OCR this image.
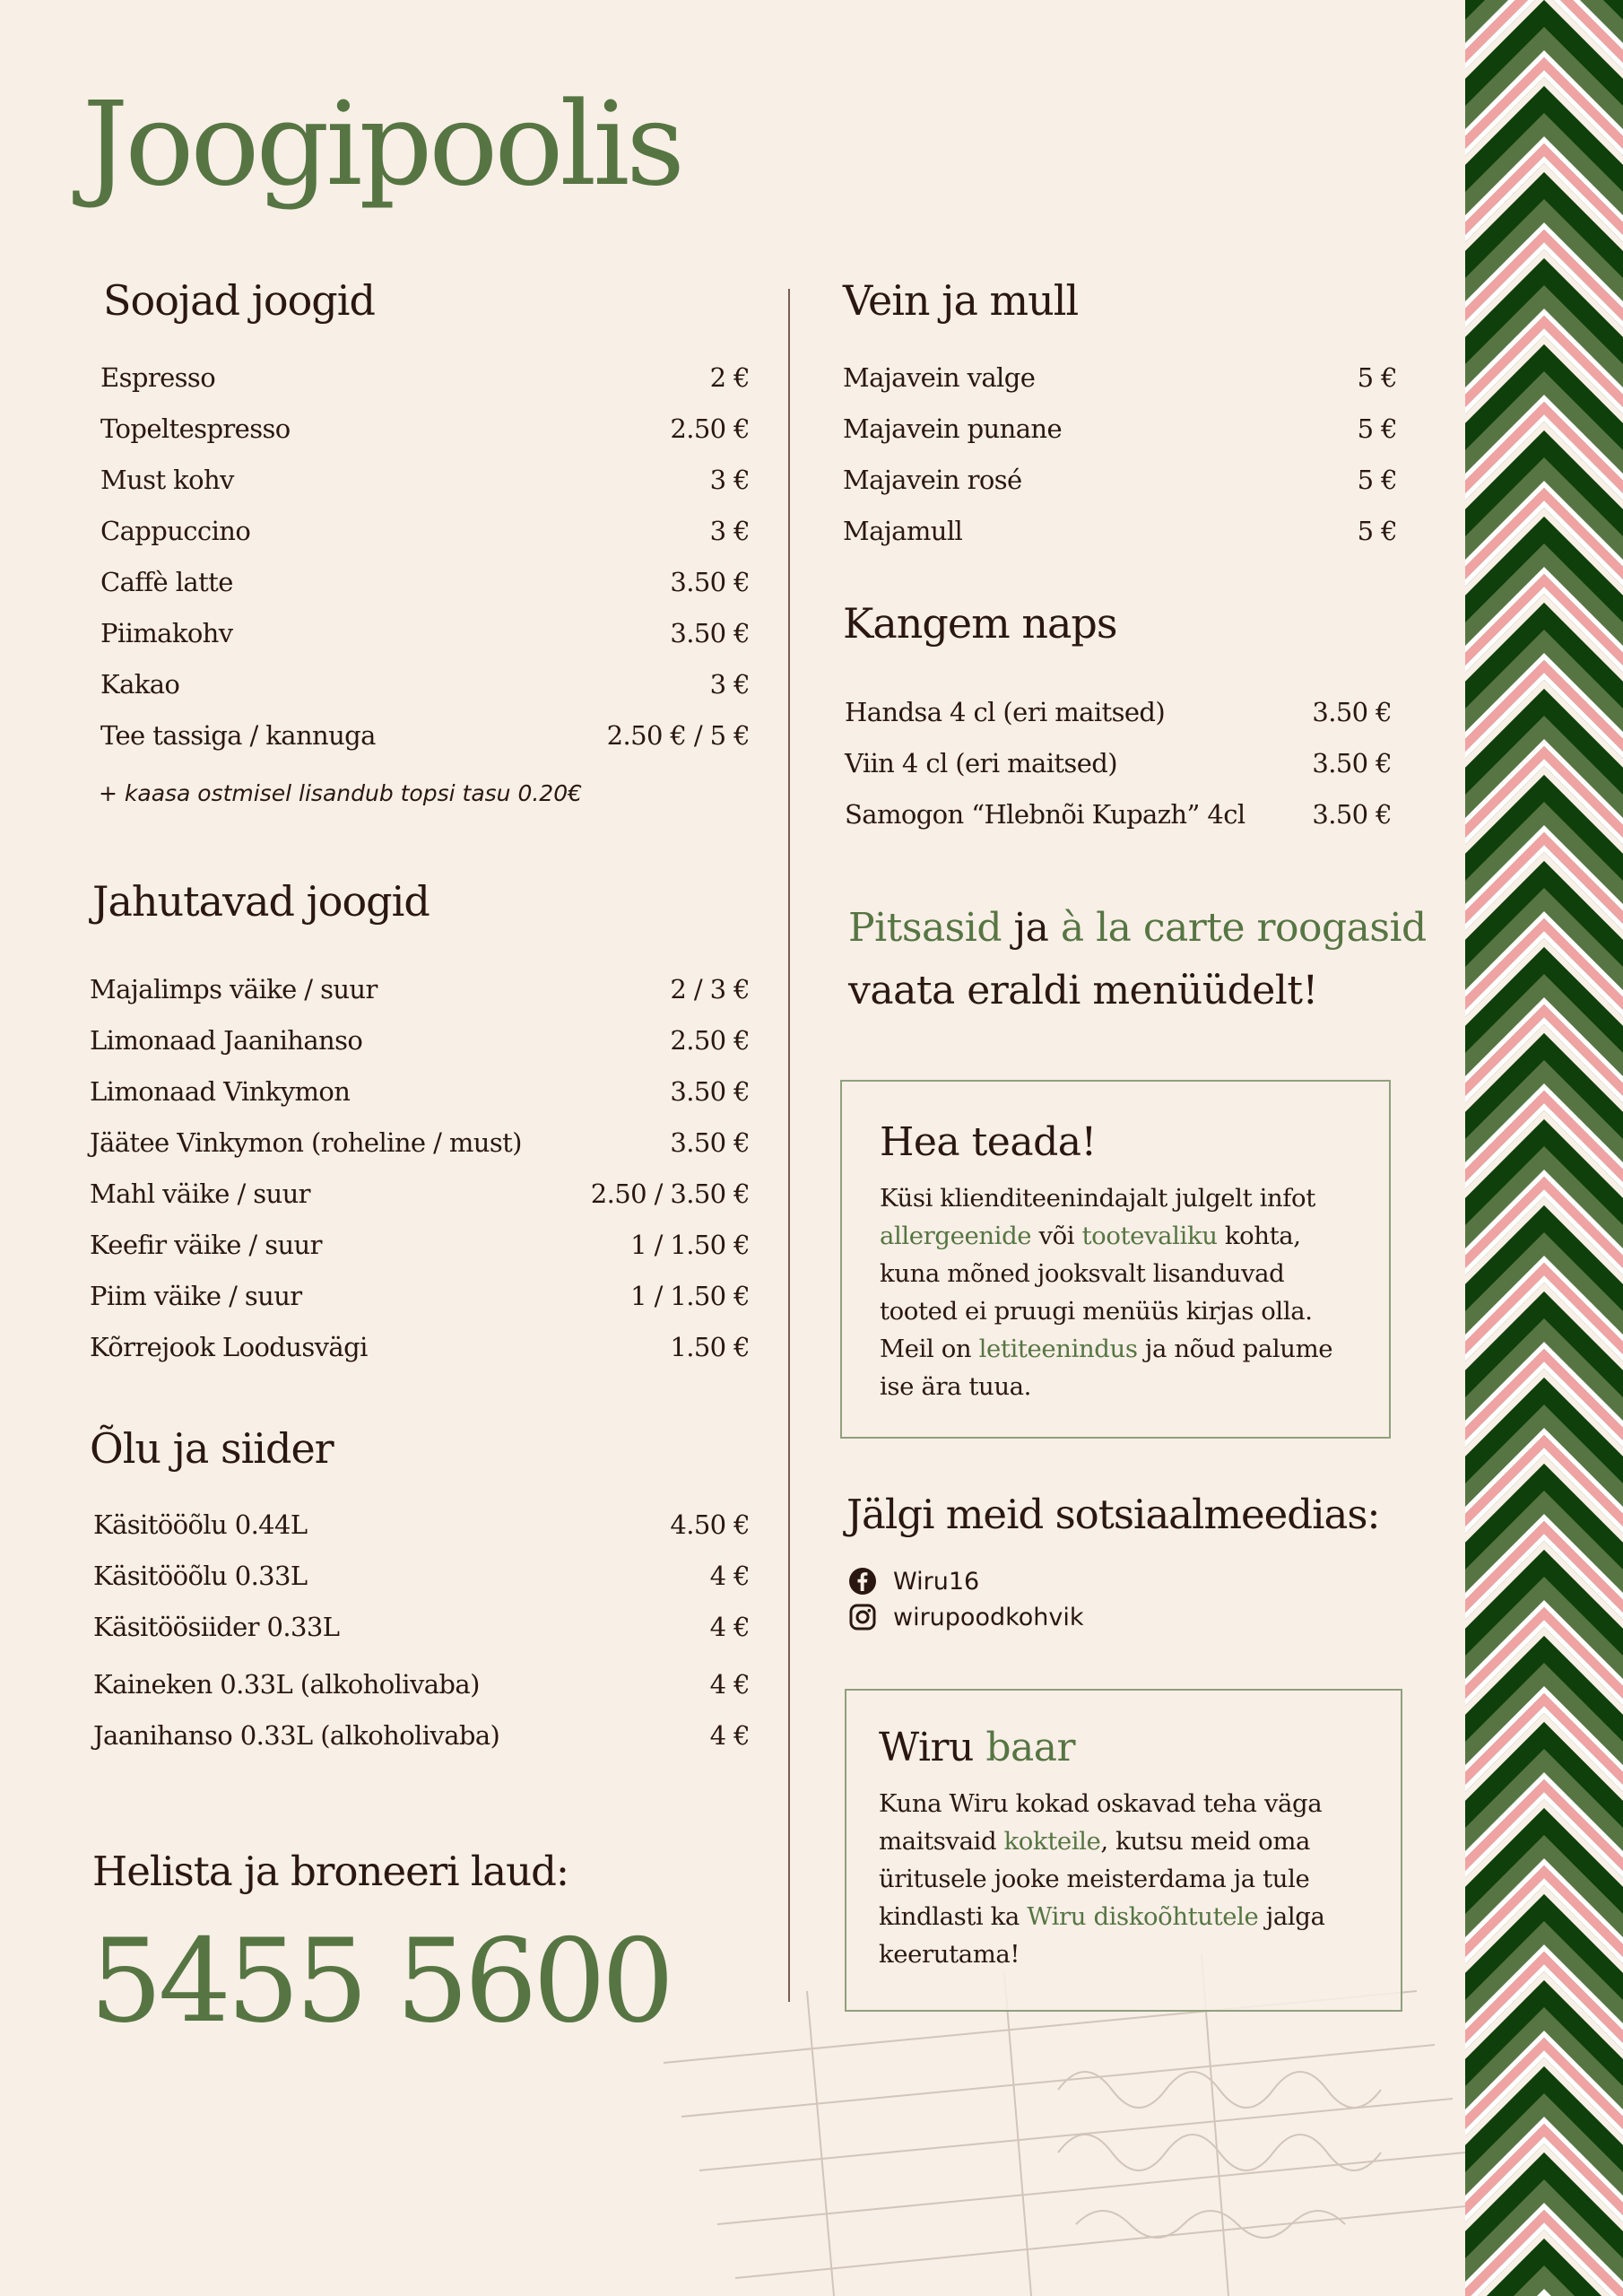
Joogipoolis
Soojad joogid
Espresso	2 €
Topeltespresso	2.50 €
Must kohv	3 €
Cappuccino	3 €
Caffè latte	3.50 €
Piimakohv	3.50 €
Kakao	3 €
Tee tassiga / kannuga	2.50 € / 5 €
+ kaasa ostmisel lisandub topsi tasu 0.20€
Jahutavad joogid
Majalimps väike / suur	2 / 3 €
Limonaad Jaanihanso	2.50 €
Limonaad Vinkymon	3.50 €
Jäätee Vinkymon (roheline / must)	3.50 €
Mahl väike / suur	2.50 / 3.50 €
Keefir väike / suur	1 / 1.50 €
Piim väike / suur	1 / 1.50 €
Kõrrejook Loodusvägi	1.50 €
Õlu ja siider
Käsitööõlu 0.44L	4.50 €
Käsitööõlu 0.33L	4 €
Käsitöösiider 0.33L	4 €
Kaineken 0.33L (alkoholivaba)	4 €
Jaanihanso 0.33L (alkoholivaba)	4 €
Helista ja broneeri laud:
5455 5600
Vein ja mull
Majavein valge	5 €
Majavein punane	5 €
Majavein rosé	5 €
Majamull	5 €
Kangem naps
Handsa 4 cl (eri maitsed)	3.50 €
Viin 4 cl (eri maitsed)	3.50 €
Samogon “Hlebnõi Kupazh” 4cl	3.50 €
Pitsasid ja à la carte roogasid
vaata eraldi menüüdelt!
Hea teada!

Küsi klienditeenindajalt julgelt infot allergeenide või tootevaliku kohta, kuna mõned jooksvalt lisanduvad tooted ei pruugi menüüs kirjas olla. Meil on letiteenindus ja nõud palume ise ära tuua.

Jälgi meid sotsiaalmeedias:
Wiru16
wirupoodkohvik
Wiru baar

Kuna Wiru kokad oskavad teha väga maitsvaid kokteile, kutsu meid oma üritusele jooke meisterdama ja tule kindlasti ka Wiru diskoõhtutele jalga keerutama!
